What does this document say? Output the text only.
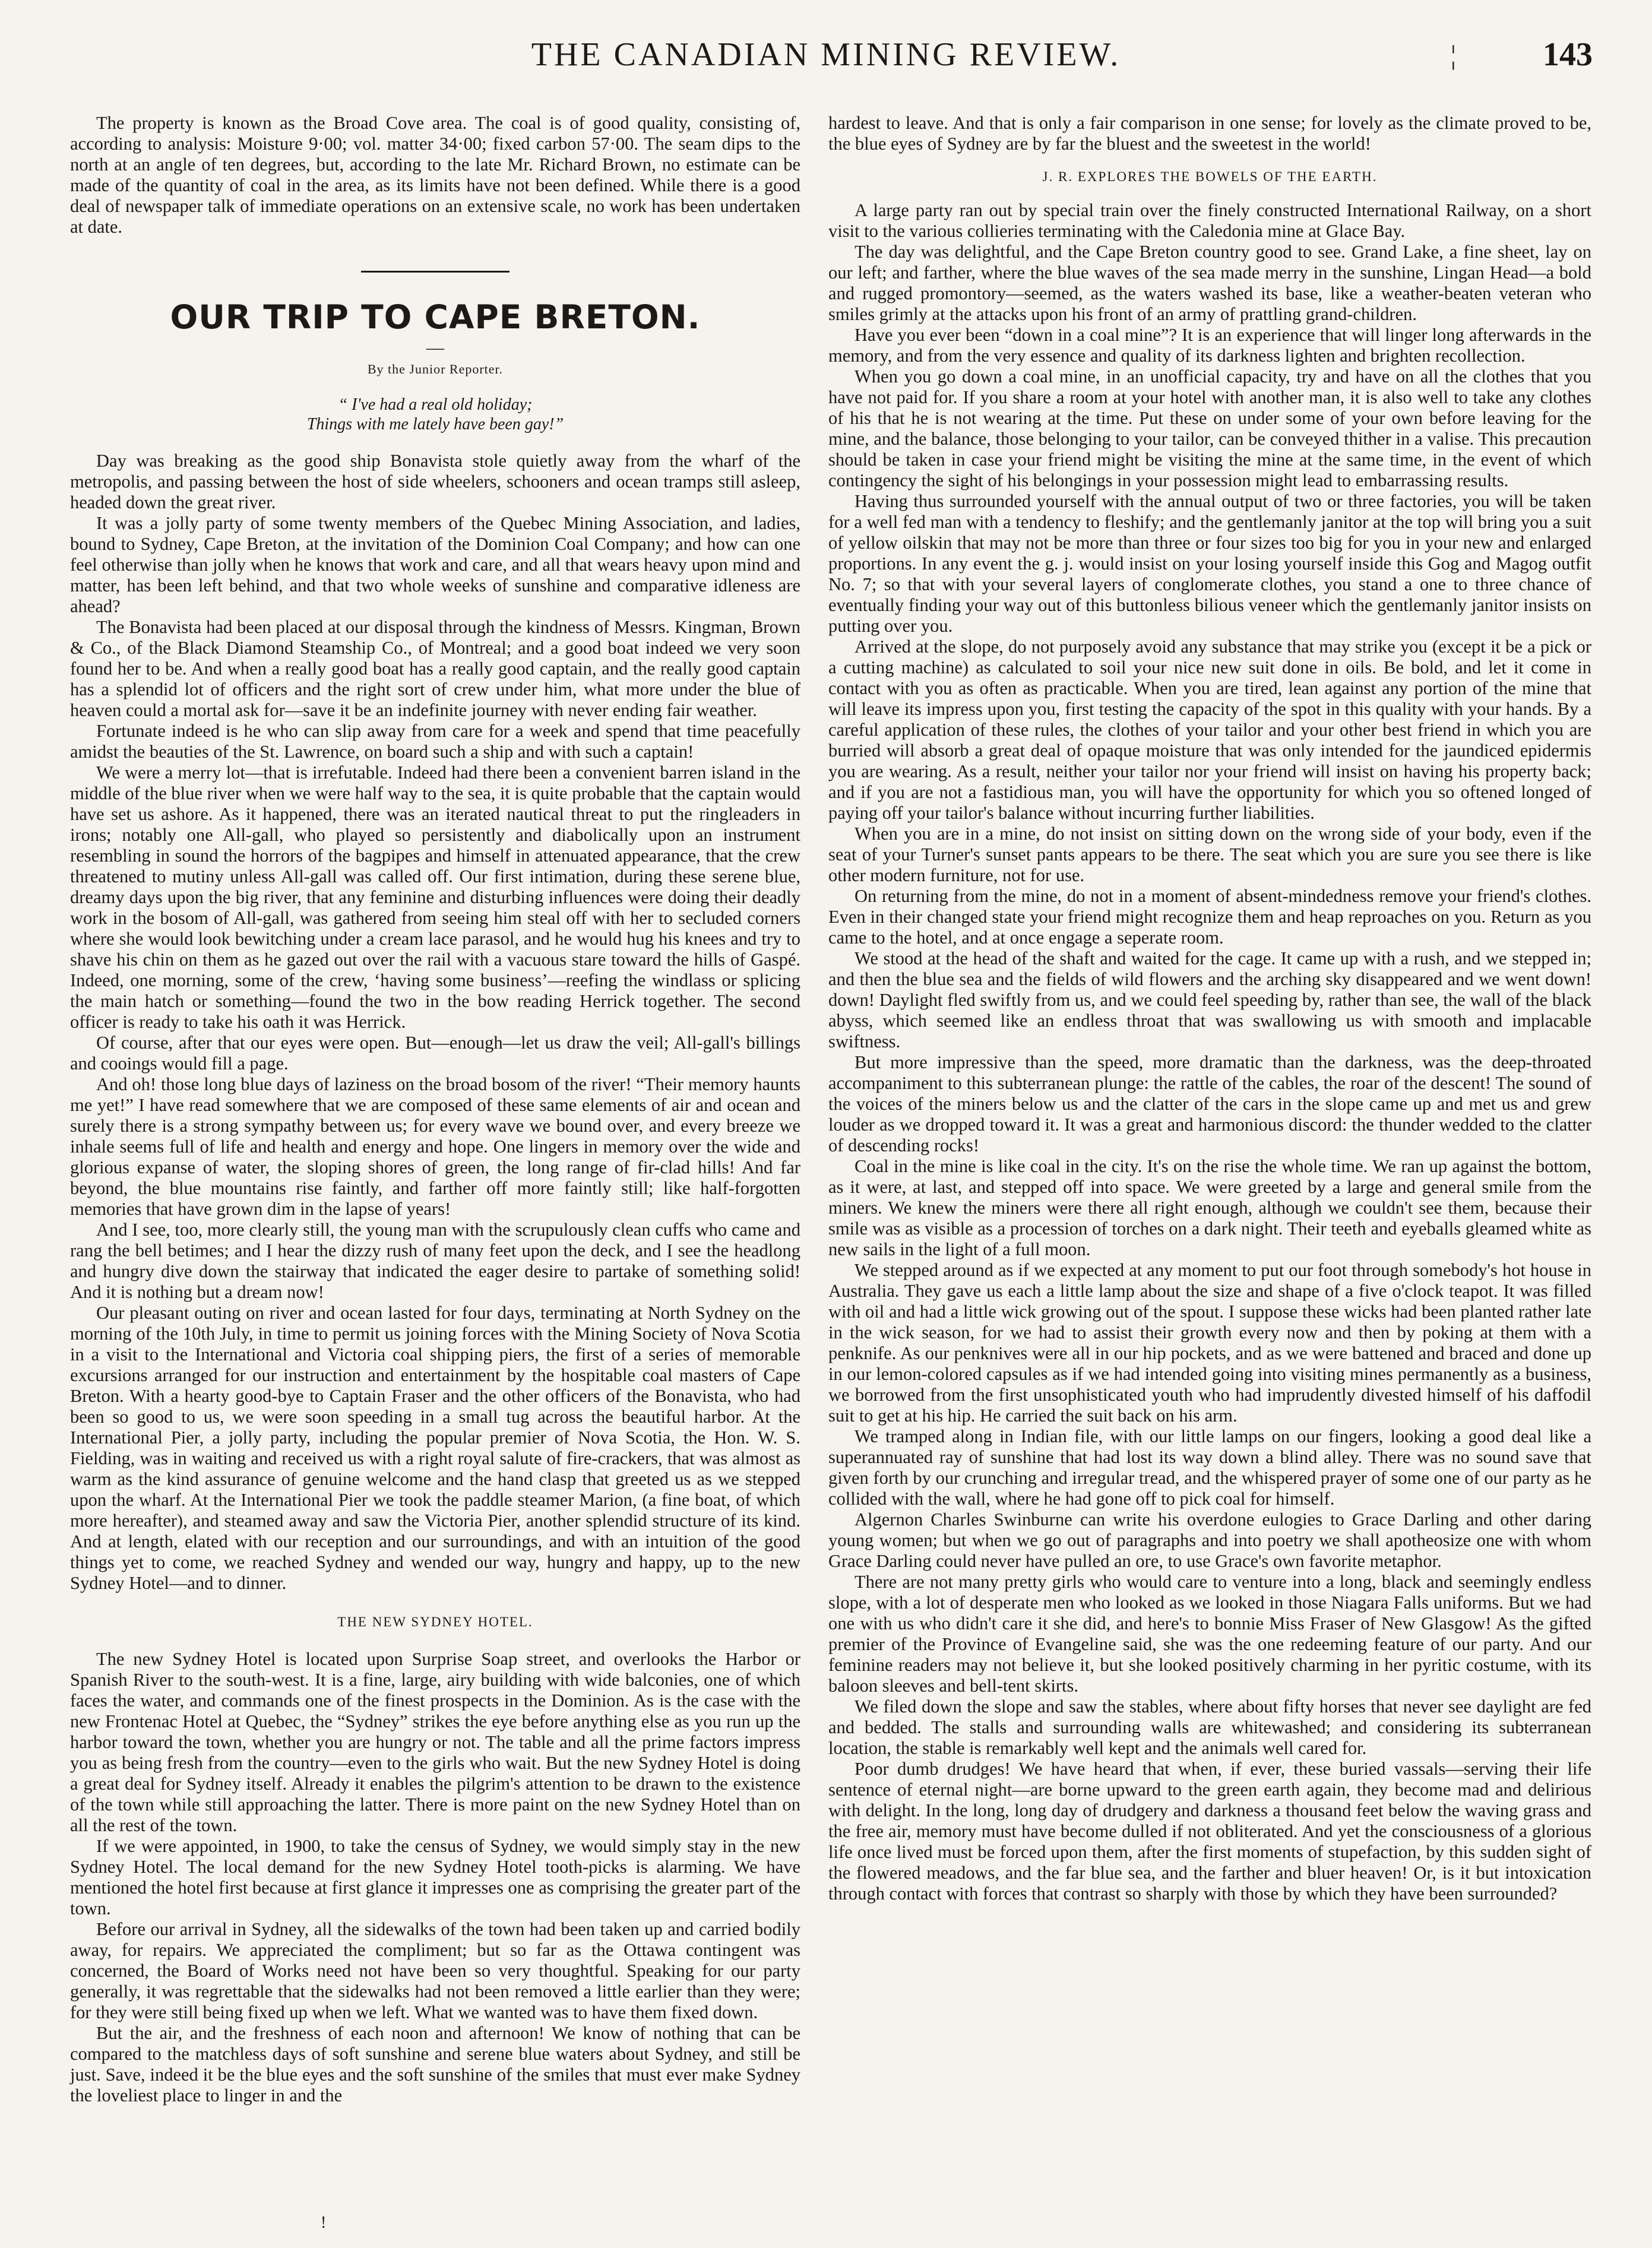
THE CANADIAN MINING REVIEW.	¦	143

The property is known as the Broad Cove area. The coal is of good quality, consisting of, according to analysis: Moisture 9·00; vol. matter 34·00; fixed carbon 57·00. The seam dips to the north at an angle of ten degrees, but, according to the late Mr. Richard Brown, no estimate can be made of the quantity of coal in the area, as its limits have not been defined. While there is a good deal of newspaper talk of immediate operations on an extensive scale, no work has been undertaken at date.

OUR TRIP TO CAPE BRETON.
—
By the Junior Reporter.
“ I've had a real old holiday;
Things with me lately have been gay!”

Day was breaking as the good ship Bonavista stole quietly away from the wharf of the metropolis, and passing between the host of side wheelers, schooners and ocean tramps still asleep, headed down the great river.

It was a jolly party of some twenty members of the Quebec Mining Association, and ladies, bound to Sydney, Cape Breton, at the invitation of the Dominion Coal Company; and how can one feel otherwise than jolly when he knows that work and care, and all that wears heavy upon mind and matter, has been left behind, and that two whole weeks of sunshine and comparative idleness are ahead?

The Bonavista had been placed at our disposal through the kindness of Messrs. Kingman, Brown & Co., of the Black Diamond Steamship Co., of Montreal; and a good boat indeed we very soon found her to be. And when a really good boat has a really good captain, and the really good captain has a splendid lot of officers and the right sort of crew under him, what more under the blue of heaven could a mortal ask for—save it be an indefinite journey with never ending fair weather.

Fortunate indeed is he who can slip away from care for a week and spend that time peacefully amidst the beauties of the St. Lawrence, on board such a ship and with such a captain!

We were a merry lot—that is irrefutable. Indeed had there been a convenient barren island in the middle of the blue river when we were half way to the sea, it is quite probable that the captain would have set us ashore. As it happened, there was an iterated nautical threat to put the ringleaders in irons; notably one All-gall, who played so persistently and diabolically upon an instrument resembling in sound the horrors of the bagpipes and himself in attenuated appearance, that the crew threatened to mutiny unless All-gall was called off. Our first intimation, during these serene blue, dreamy days upon the big river, that any feminine and disturbing influences were doing their deadly work in the bosom of All-gall, was gathered from seeing him steal off with her to secluded corners where she would look bewitching under a cream lace parasol, and he would hug his knees and try to shave his chin on them as he gazed out over the rail with a vacuous stare toward the hills of Gaspé. Indeed, one morning, some of the crew, ‘having some business’—reefing the windlass or splicing the main hatch or something—found the two in the bow reading Herrick together. The second officer is ready to take his oath it was Herrick.

Of course, after that our eyes were open. But—enough—let us draw the veil; All-gall's billings and cooings would fill a page.

And oh! those long blue days of laziness on the broad bosom of the river! “Their memory haunts me yet!” I have read somewhere that we are composed of these same elements of air and ocean and surely there is a strong sympathy between us; for every wave we bound over, and every breeze we inhale seems full of life and health and energy and hope. One lingers in memory over the wide and glorious expanse of water, the sloping shores of green, the long range of fir-clad hills! And far beyond, the blue mountains rise faintly, and farther off more faintly still; like half-forgotten memories that have grown dim in the lapse of years!

And I see, too, more clearly still, the young man with the scrupulously clean cuffs who came and rang the bell betimes; and I hear the dizzy rush of many feet upon the deck, and I see the headlong and hungry dive down the stairway that indicated the eager desire to partake of something solid! And it is nothing but a dream now!

Our pleasant outing on river and ocean lasted for four days, terminating at North Sydney on the morning of the 10th July, in time to permit us joining forces with the Mining Society of Nova Scotia in a visit to the International and Victoria coal shipping piers, the first of a series of memorable excursions arranged for our instruction and entertainment by the hospitable coal masters of Cape Breton. With a hearty good-bye to Captain Fraser and the other officers of the Bonavista, who had been so good to us, we were soon speeding in a small tug across the beautiful harbor. At the International Pier, a jolly party, including the popular premier of Nova Scotia, the Hon. W. S. Fielding, was in waiting and received us with a right royal salute of fire-crackers, that was almost as warm as the kind assurance of genuine welcome and the hand clasp that greeted us as we stepped upon the wharf. At the International Pier we took the paddle steamer Marion, (a fine boat, of which more hereafter), and steamed away and saw the Victoria Pier, another splendid structure of its kind. And at length, elated with our reception and our surroundings, and with an intuition of the good things yet to come, we reached Sydney and wended our way, hungry and happy, up to the new Sydney Hotel—and to dinner.

THE NEW SYDNEY HOTEL.

The new Sydney Hotel is located upon Surprise Soap street, and overlooks the Harbor or Spanish River to the south-west. It is a fine, large, airy building with wide balconies, one of which faces the water, and commands one of the finest prospects in the Dominion. As is the case with the new Frontenac Hotel at Quebec, the “Sydney” strikes the eye before anything else as you run up the harbor toward the town, whether you are hungry or not. The table and all the prime factors impress you as being fresh from the country—even to the girls who wait. But the new Sydney Hotel is doing a great deal for Sydney itself. Already it enables the pilgrim's attention to be drawn to the existence of the town while still approaching the latter. There is more paint on the new Sydney Hotel than on all the rest of the town.

If we were appointed, in 1900, to take the census of Sydney, we would simply stay in the new Sydney Hotel. The local demand for the new Sydney Hotel tooth-picks is alarming. We have mentioned the hotel first because at first glance it impresses one as comprising the greater part of the town.

Before our arrival in Sydney, all the sidewalks of the town had been taken up and carried bodily away, for repairs. We appreciated the compliment; but so far as the Ottawa contingent was concerned, the Board of Works need not have been so very thoughtful. Speaking for our party generally, it was regrettable that the sidewalks had not been removed a little earlier than they were; for they were still being fixed up when we left. What we wanted was to have them fixed down.

But the air, and the freshness of each noon and afternoon! We know of nothing that can be compared to the matchless days of soft sunshine and serene blue waters about Sydney, and still be just. Save, indeed it be the blue eyes and the soft sunshine of the smiles that must ever make Sydney the loveliest place to linger in and the

hardest to leave. And that is only a fair comparison in one sense; for lovely as the climate proved to be, the blue eyes of Sydney are by far the bluest and the sweetest in the world!

J. R. EXPLORES THE BOWELS OF THE EARTH.

A large party ran out by special train over the finely constructed International Railway, on a short visit to the various collieries terminating with the Caledonia mine at Glace Bay.

The day was delightful, and the Cape Breton country good to see. Grand Lake, a fine sheet, lay on our left; and farther, where the blue waves of the sea made merry in the sunshine, Lingan Head—a bold and rugged promontory—seemed, as the waters washed its base, like a weather-beaten veteran who smiles grimly at the attacks upon his front of an army of prattling grand-children.

Have you ever been “down in a coal mine”? It is an experience that will linger long afterwards in the memory, and from the very essence and quality of its darkness lighten and brighten recollection.

When you go down a coal mine, in an unofficial capacity, try and have on all the clothes that you have not paid for. If you share a room at your hotel with another man, it is also well to take any clothes of his that he is not wearing at the time. Put these on under some of your own before leaving for the mine, and the balance, those belonging to your tailor, can be conveyed thither in a valise. This precaution should be taken in case your friend might be visiting the mine at the same time, in the event of which contingency the sight of his belongings in your possession might lead to embarrassing results.

Having thus surrounded yourself with the annual output of two or three factories, you will be taken for a well fed man with a tendency to fleshify; and the gentlemanly janitor at the top will bring you a suit of yellow oilskin that may not be more than three or four sizes too big for you in your new and enlarged proportions. In any event the g. j. would insist on your losing yourself inside this Gog and Magog outfit No. 7; so that with your several layers of conglomerate clothes, you stand a one to three chance of eventually finding your way out of this buttonless bilious veneer which the gentlemanly janitor insists on putting over you.

Arrived at the slope, do not purposely avoid any substance that may strike you (except it be a pick or a cutting machine) as calculated to soil your nice new suit done in oils. Be bold, and let it come in contact with you as often as practicable. When you are tired, lean against any portion of the mine that will leave its impress upon you, first testing the capacity of the spot in this quality with your hands. By a careful application of these rules, the clothes of your tailor and your other best friend in which you are burried will absorb a great deal of opaque moisture that was only intended for the jaundiced epidermis you are wearing. As a result, neither your tailor nor your friend will insist on having his property back; and if you are not a fastidious man, you will have the opportunity for which you so oftened longed of paying off your tailor's balance without incurring further liabilities.

When you are in a mine, do not insist on sitting down on the wrong side of your body, even if the seat of your Turner's sunset pants appears to be there. The seat which you are sure you see there is like other modern furniture, not for use.

On returning from the mine, do not in a moment of absent-mindedness remove your friend's clothes. Even in their changed state your friend might recognize them and heap reproaches on you. Return as you came to the hotel, and at once engage a seperate room.

We stood at the head of the shaft and waited for the cage. It came up with a rush, and we stepped in; and then the blue sea and the fields of wild flowers and the arching sky disappeared and we went down! down! Daylight fled swiftly from us, and we could feel speeding by, rather than see, the wall of the black abyss, which seemed like an endless throat that was swallowing us with smooth and implacable swiftness.

But more impressive than the speed, more dramatic than the darkness, was the deep-throated accompaniment to this subterranean plunge: the rattle of the cables, the roar of the descent! The sound of the voices of the miners below us and the clatter of the cars in the slope came up and met us and grew louder as we dropped toward it. It was a great and harmonious discord: the thunder wedded to the clatter of descending rocks!

Coal in the mine is like coal in the city. It's on the rise the whole time. We ran up against the bottom, as it were, at last, and stepped off into space. We were greeted by a large and general smile from the miners. We knew the miners were there all right enough, although we couldn't see them, because their smile was as visible as a procession of torches on a dark night. Their teeth and eyeballs gleamed white as new sails in the light of a full moon.

We stepped around as if we expected at any moment to put our foot through somebody's hot house in Australia. They gave us each a little lamp about the size and shape of a five o'clock teapot. It was filled with oil and had a little wick growing out of the spout. I suppose these wicks had been planted rather late in the wick season, for we had to assist their growth every now and then by poking at them with a penknife. As our penknives were all in our hip pockets, and as we were battened and braced and done up in our lemon-colored capsules as if we had intended going into visiting mines permanently as a business, we borrowed from the first unsophisticated youth who had imprudently divested himself of his daffodil suit to get at his hip. He carried the suit back on his arm.

We tramped along in Indian file, with our little lamps on our fingers, looking a good deal like a superannuated ray of sunshine that had lost its way down a blind alley. There was no sound save that given forth by our crunching and irregular tread, and the whispered prayer of some one of our party as he collided with the wall, where he had gone off to pick coal for himself.

Algernon Charles Swinburne can write his overdone eulogies to Grace Darling and other daring young women; but when we go out of paragraphs and into poetry we shall apotheosize one with whom Grace Darling could never have pulled an ore, to use Grace's own favorite metaphor.

There are not many pretty girls who would care to venture into a long, black and seemingly endless slope, with a lot of desperate men who looked as we looked in those Niagara Falls uniforms. But we had one with us who didn't care it she did, and here's to bonnie Miss Fraser of New Glasgow! As the gifted premier of the Province of Evangeline said, she was the one redeeming feature of our party. And our feminine readers may not believe it, but she looked positively charming in her pyritic costume, with its baloon sleeves and bell-tent skirts.

We filed down the slope and saw the stables, where about fifty horses that never see daylight are fed and bedded. The stalls and surrounding walls are whitewashed; and considering its subterranean location, the stable is remarkably well kept and the animals well cared for.

Poor dumb drudges! We have heard that when, if ever, these buried vassals—serving their life sentence of eternal night—are borne upward to the green earth again, they become mad and delirious with delight. In the long, long day of drudgery and darkness a thousand feet below the waving grass and the free air, memory must have become dulled if not obliterated. And yet the consciousness of a glorious life once lived must be forced upon them, after the first moments of stupefaction, by this sudden sight of the flowered meadows, and the far blue sea, and the farther and bluer heaven! Or, is it but intoxication through contact with forces that contrast so sharply with those by which they have been surrounded?

!
